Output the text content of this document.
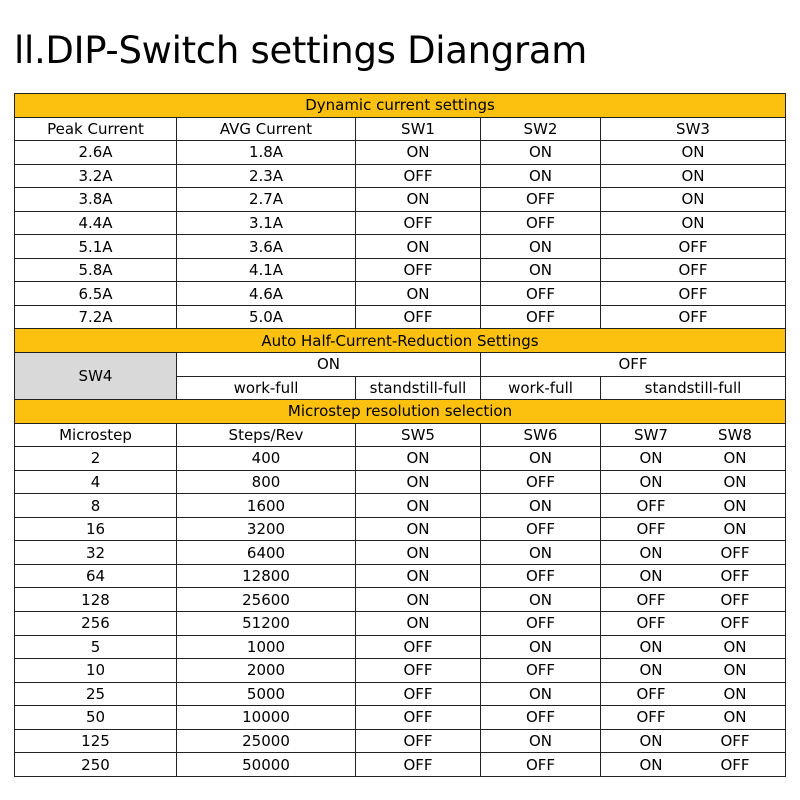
ll.DIP-Switch settings Diangram
Dynamic current settings				
Peak Current	AVG Current	SW1	SW2	SW3
2.6A	1.8A	ON	ON	ON
3.2A	2.3A	OFF	ON	ON
3.8A	2.7A	ON	OFF	ON
4.4A	3.1A	OFF	OFF	ON
5.1A	3.6A	ON	ON	OFF
5.8A	4.1A	OFF	ON	OFF
6.5A	4.6A	ON	OFF	OFF
7.2A	5.0A	OFF	OFF	OFF
Auto Half-Current-Reduction Settings				
SW4	ON		OFF	
	work-full	standstill-full	work-full	standstill-full
Microstep resolution selection				
Microstep	Steps/Rev	SW5	SW6	SW7 SW8

2	400	ON	ON	ON ON

4	800	ON	OFF	ON ON

8	1600	ON	ON	OFF ON

16	3200	ON	OFF	OFF ON

32	6400	ON	ON	ON OFF

64	12800	ON	OFF	ON OFF

128	25600	ON	ON	OFF OFF

256	51200	ON	OFF	OFF OFF

5	1000	OFF	ON	ON ON

10	2000	OFF	OFF	ON ON

25	5000	OFF	ON	OFF ON

50	10000	OFF	OFF	OFF ON

125	25000	OFF	ON	ON OFF

250	50000	OFF	OFF	ON OFF
